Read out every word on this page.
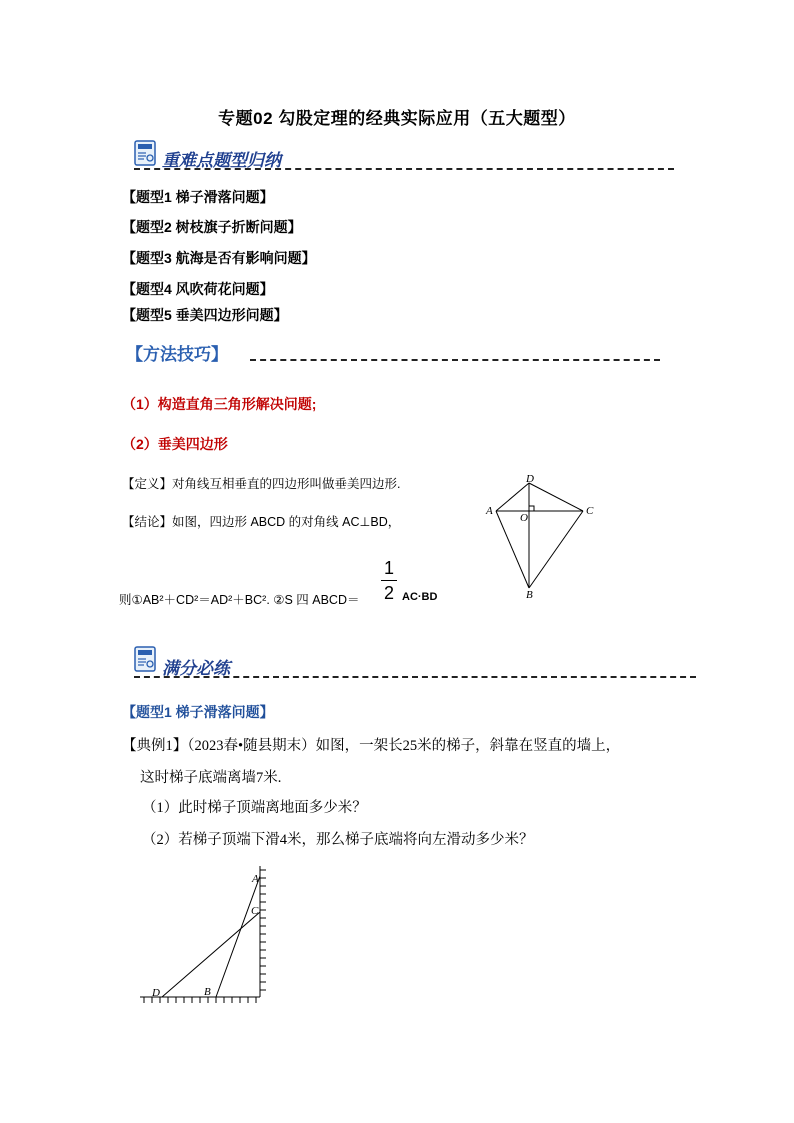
专题02 勾股定理的经典实际应用（五大题型）
重难点题型归纳
【题型1 梯子滑落问题】
【题型2 树枝旗子折断问题】
【题型3 航海是否有影响问题】
【题型4 风吹荷花问题】
【题型5 垂美四边形问题】
【方法技巧】
（1）构造直角三角形解决问题;
（2）垂美四边形
【定义】对角线互相垂直的四边形叫做垂美四边形.
【结论】如图，四边形 ABCD 的对角线 AC⊥BD，
则①AB²＋CD²＝AD²＋BC². ②S 四 ABCD＝
1
2 AC·BD
D
A	C
O
B
满分必练
【题型1 梯子滑落问题】
【典例1】（2023春•随县期末）如图，一架长25米的梯子，斜靠在竖直的墙上，
这时梯子底端离墙7米.
（1）此时梯子顶端离地面多少米？
（2）若梯子顶端下滑4米，那么梯子底端将向左滑动多少米？
A
C
D	B
